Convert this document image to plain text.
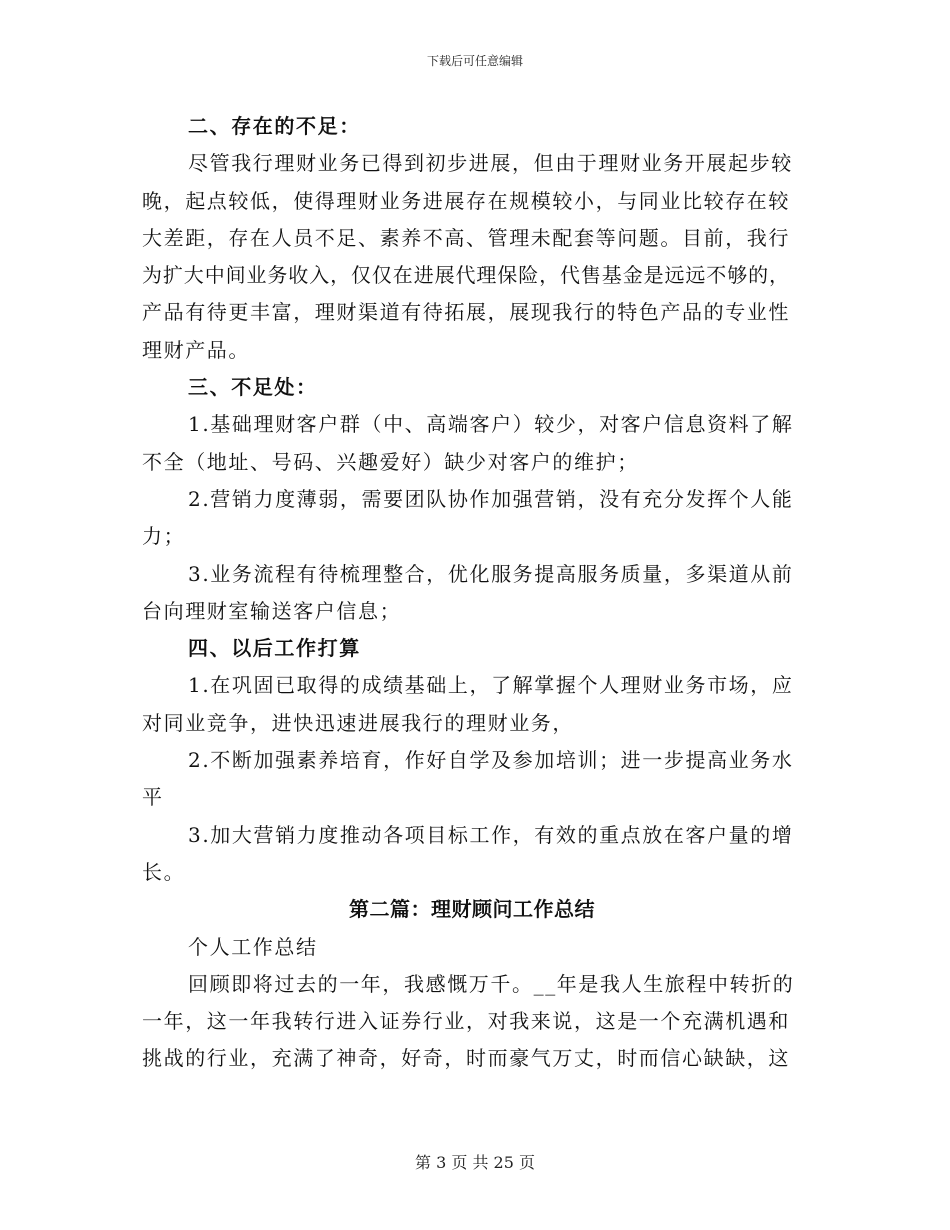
下载后可任意编辑
二、存在的不足：
尽管我行理财业务已得到初步进展，但由于理财业务开展起步较
晚，起点较低，使得理财业务进展存在规模较小，与同业比较存在较
大差距，存在人员不足、素养不高、管理未配套等问题。目前，我行
为扩大中间业务收入，仅仅在进展代理保险，代售基金是远远不够的，
产品有待更丰富，理财渠道有待拓展，展现我行的特色产品的专业性
理财产品。
三、不足处：
1.基础理财客户群（中、高端客户）较少，对客户信息资料了解
不全（地址、号码、兴趣爱好）缺少对客户的维护；
2.营销力度薄弱，需要团队协作加强营销，没有充分发挥个人能
力；
3.业务流程有待梳理整合，优化服务提高服务质量，多渠道从前
台向理财室输送客户信息；
四、以后工作打算
1.在巩固已取得的成绩基础上，了解掌握个人理财业务市场，应
对同业竞争，进快迅速进展我行的理财业务，
2.不断加强素养培育，作好自学及参加培训；进一步提高业务水
平
3.加大营销力度推动各项目标工作，有效的重点放在客户量的增
长。
第二篇：理财顾问工作总结
个人工作总结
回顾即将过去的一年，我感慨万千。__年是我人生旅程中转折的
一年，这一年我转行进入证券行业，对我来说，这是一个充满机遇和
挑战的行业，充满了神奇，好奇，时而豪气万丈，时而信心缺缺，这
第 3 页 共 25 页
